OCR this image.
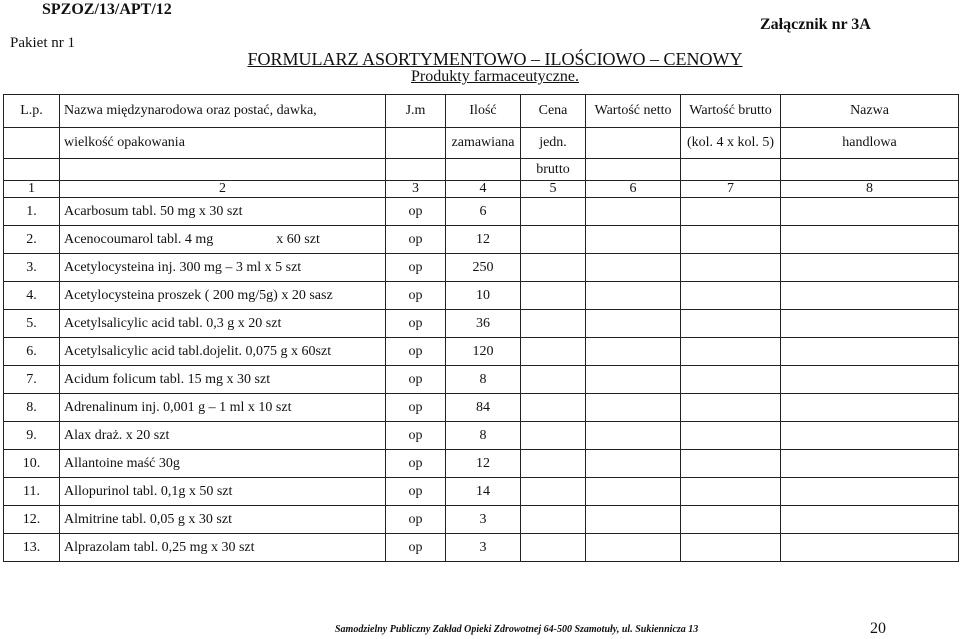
SPZOZ/13/APT/12
Pakiet nr 1
Załącznik nr 3A
FORMULARZ ASORTYMENTOWO – ILOŚCIOWO – CENOWY
Produkty farmaceutyczne.
L.p.	Nazwa międzynarodowa oraz postać, dawka,	J.m	Ilość	Cena	Wartość netto	Wartość brutto	Nazwa
	wielkość opakowania		zamawiana	jedn.		(kol. 4 x kol. 5)	handlowa
				brutto			
1	2	3	4	5	6	7	8
1.	Acarbosum tabl. 50 mg x 30 szt	op	6				
2.	Acenocoumarol tabl. 4 mg                  x 60 szt	op	12				
3.	Acetylocysteina inj. 300 mg – 3 ml x 5 szt	op	250				
4.	Acetylocysteina proszek ( 200 mg/5g) x 20 sasz	op	10				
5.	Acetylsalicylic acid tabl. 0,3 g x 20 szt	op	36				
6.	Acetylsalicylic acid tabl.dojelit. 0,075 g x 60szt	op	120				
7.	Acidum folicum tabl. 15 mg x 30 szt	op	8				
8.	Adrenalinum inj. 0,001 g – 1 ml x 10 szt	op	84				
9.	Alax draż. x 20 szt	op	8				
10.	Allantoine maść 30g	op	12				
11.	Allopurinol tabl. 0,1g x 50 szt	op	14				
12.	Almitrine tabl. 0,05 g x 30 szt	op	3				
13.	Alprazolam tabl. 0,25 mg x 30 szt	op	3				
Samodzielny Publiczny Zakład Opieki Zdrowotnej 64-500 Szamotuły, ul. Sukiennicza 13	20
